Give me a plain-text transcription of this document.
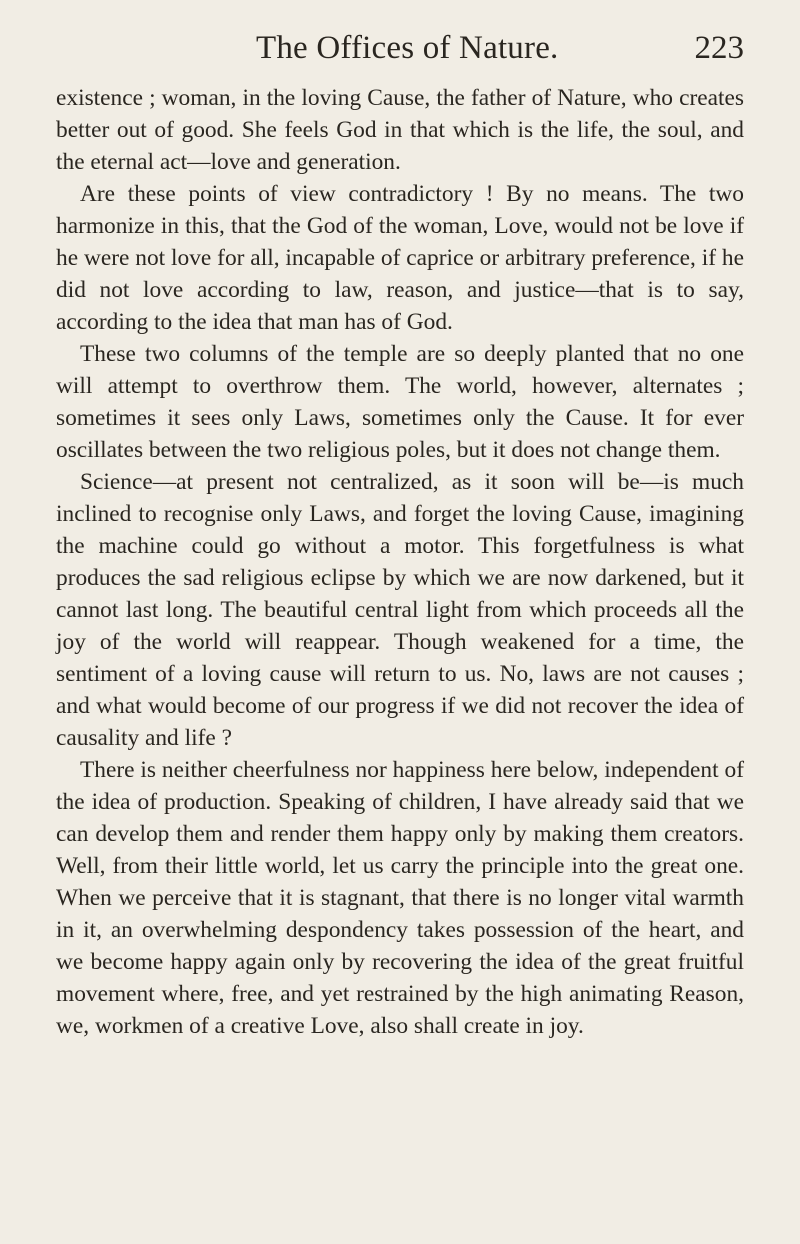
The Offices of Nature.	223

existence ; woman, in the loving Cause, the father of Nature, who creates better out of good. She feels God in that which is the life, the soul, and the eternal act—love and generation.

Are these points of view contradictory ! By no means. The two harmonize in this, that the God of the woman, Love, would not be love if he were not love for all, incapable of caprice or arbitrary preference, if he did not love according to law, reason, and justice—that is to say, according to the idea that man has of God.

These two columns of the temple are so deeply planted that no one will attempt to overthrow them. The world, however, alternates ; sometimes it sees only Laws, sometimes only the Cause. It for ever oscillates between the two religious poles, but it does not change them.

Science—at present not centralized, as it soon will be—is much inclined to recognise only Laws, and forget the loving Cause, imagining the machine could go without a motor. This forgetfulness is what produces the sad religious eclipse by which we are now darkened, but it cannot last long. The beautiful central light from which proceeds all the joy of the world will reappear. Though weakened for a time, the sentiment of a loving cause will return to us. No, laws are not causes ; and what would become of our progress if we did not recover the idea of causality and life ?

There is neither cheerfulness nor happiness here below, independent of the idea of production. Speaking of children, I have already said that we can develop them and render them happy only by making them creators. Well, from their little world, let us carry the principle into the great one. When we perceive that it is stagnant, that there is no longer vital warmth in it, an overwhelming despondency takes possession of the heart, and we become happy again only by recovering the idea of the great fruitful movement where, free, and yet restrained by the high animating Reason, we, workmen of a creative Love, also shall create in joy.
